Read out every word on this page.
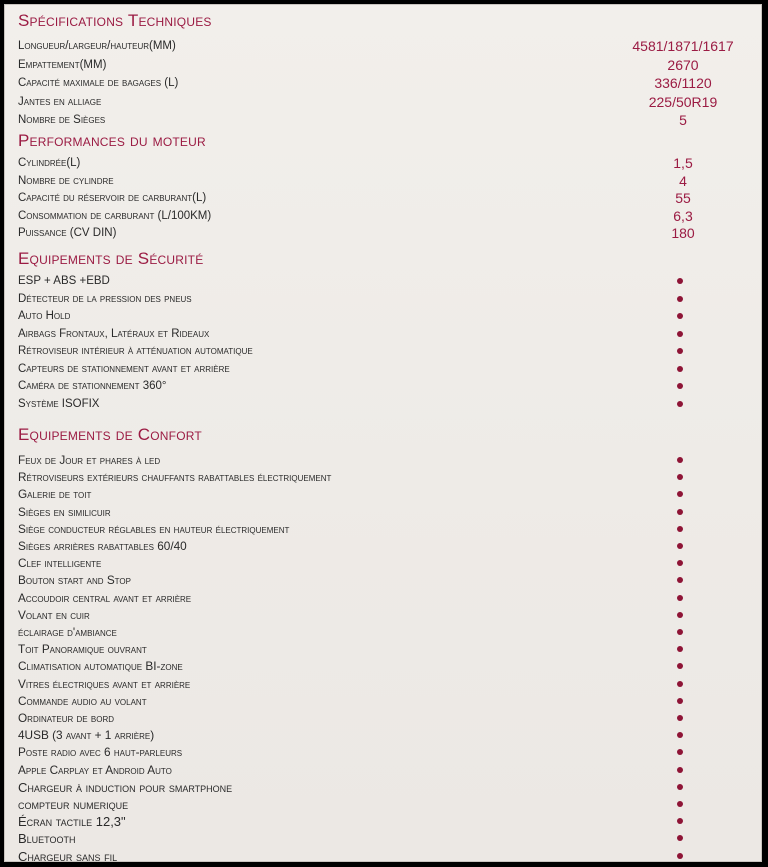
Spécifications Techniques
Longueur/largeur/hauteur(MM)	4581/1871/1617
Empattement(MM)	2670
Capacité maximale de bagages (L)	336/1120
Jantes en alliage	225/50R19
Nombre de Sièges	5
Performances du moteur
Cylindrée(L)	1,5
Nombre de cylindre	4
Capacité du réservoir de carburant(L)	55
Consommation de carburant (L/100KM)	6,3
Puissance (CV DIN)	180
Equipements de Sécurité
ESP + ABS +EBD
Détecteur de la pression des pneus
Auto Hold
Airbags Frontaux, Latéraux et Rideaux
Rétroviseur intérieur à atténuation automatique
Capteurs de stationnement avant et arrière
Caméra de stationnement 360°
Système ISOFIX
Equipements de Confort
Feux de Jour et phares à led
Rétroviseurs extérieurs chauffants rabattables électriquement
Galerie de toit
Sièges en similicuir
Siège conducteur réglables en hauteur électriquement
Sièges arrières rabattables 60/40
Clef intelligente
Bouton start and Stop
Accoudoir central avant et arrière
Volant en cuir
éclairage d'ambiance
Toit Panoramique ouvrant
Climatisation automatique BI-zone
Vitres électriques avant et arrière
Commande audio au volant
Ordinateur de bord
4USB (3 avant + 1 arrière)
Poste radio avec 6 haut-parleurs
Apple Carplay et Android Auto
Chargeur à induction pour smartphone
compteur numerique
Écran tactile 12,3"
Bluetooth
Chargeur sans fil
